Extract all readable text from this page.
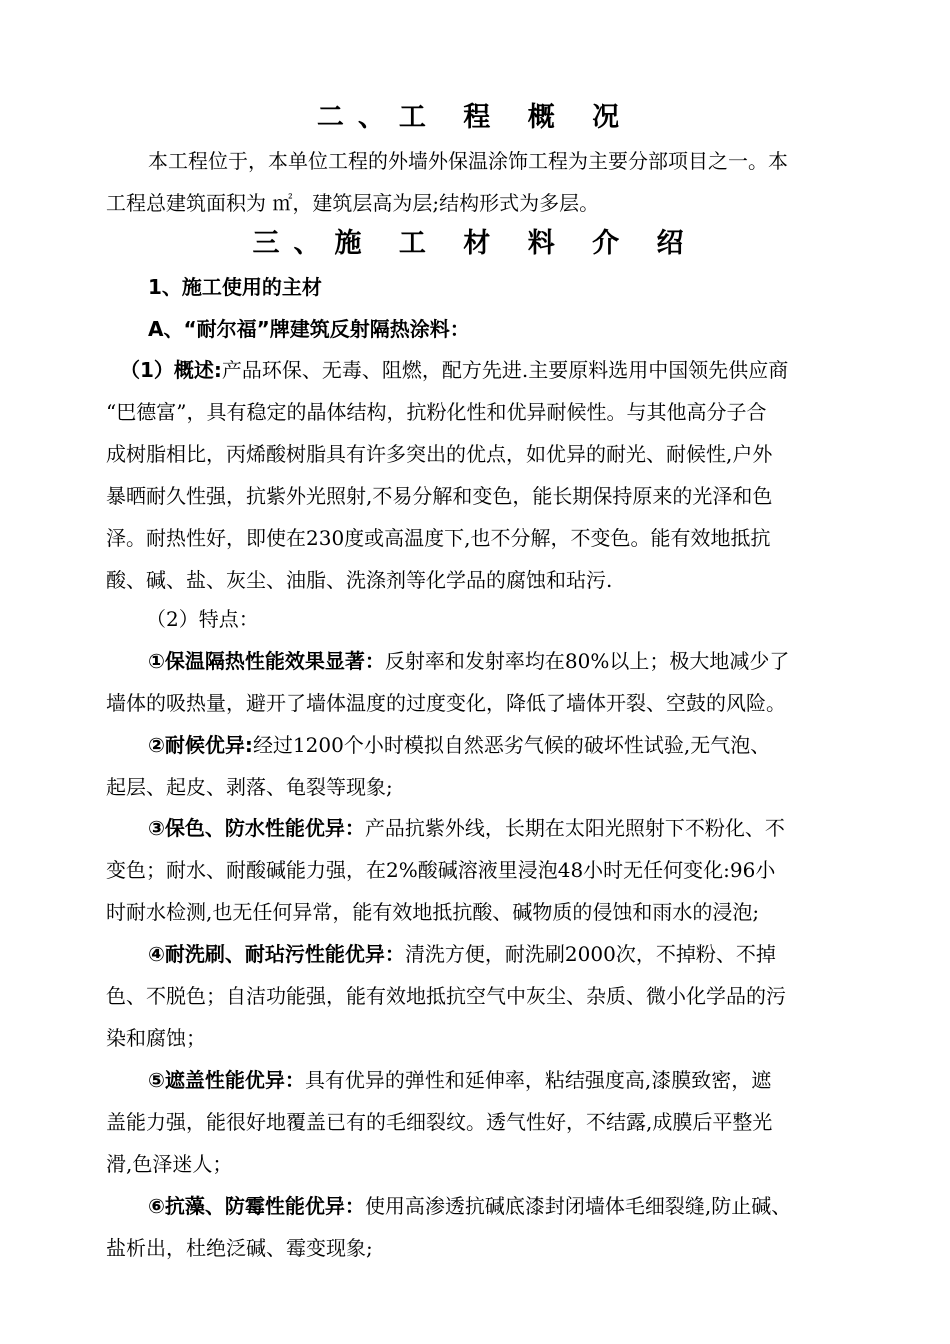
二、工 程 概 况
本工程位于，本单位工程的外墙外保温涂饰工程为主要分部项目之一。本
工程总建筑面积为 ㎡，建筑层高为层;结构形式为多层。
三、施 工 材 料 介 绍
1、施工使用的主材
A、“耐尔福”牌建筑反射隔热涂料：
（1）概述:产品环保、无毒、阻燃，配方先进.主要原料选用中国领先供应商
“巴德富”，具有稳定的晶体结构，抗粉化性和优异耐候性。与其他高分子合
成树脂相比，丙烯酸树脂具有许多突出的优点，如优异的耐光、耐候性,户外
暴晒耐久性强，抗紫外光照射,不易分解和变色，能长期保持原来的光泽和色
泽。耐热性好，即使在230度或高温度下,也不分解，不变色。能有效地抵抗
酸、碱、盐、灰尘、油脂、洗涤剂等化学品的腐蚀和玷污.
（2）特点：
①保温隔热性能效果显著：反射率和发射率均在80%以上；极大地减少了
墙体的吸热量，避开了墙体温度的过度变化，降低了墙体开裂、空鼓的风险。
②耐候优异:经过1200个小时模拟自然恶劣气候的破坏性试验,无气泡、
起层、起皮、剥落、龟裂等现象;
③保色、防水性能优异：产品抗紫外线，长期在太阳光照射下不粉化、不
变色；耐水、耐酸碱能力强，在2%酸碱溶液里浸泡48小时无任何变化:96小
时耐水检测,也无任何异常，能有效地抵抗酸、碱物质的侵蚀和雨水的浸泡;
④耐洗刷、耐玷污性能优异：清洗方便，耐洗刷2000次，不掉粉、不掉
色、不脱色；自洁功能强，能有效地抵抗空气中灰尘、杂质、微小化学品的污
染和腐蚀；
⑤遮盖性能优异：具有优异的弹性和延伸率，粘结强度高,漆膜致密，遮
盖能力强，能很好地覆盖已有的毛细裂纹。透气性好，不结露,成膜后平整光
滑,色泽迷人；
⑥抗藻、防霉性能优异：使用高渗透抗碱底漆封闭墙体毛细裂缝,防止碱、
盐析出，杜绝泛碱、霉变现象;
